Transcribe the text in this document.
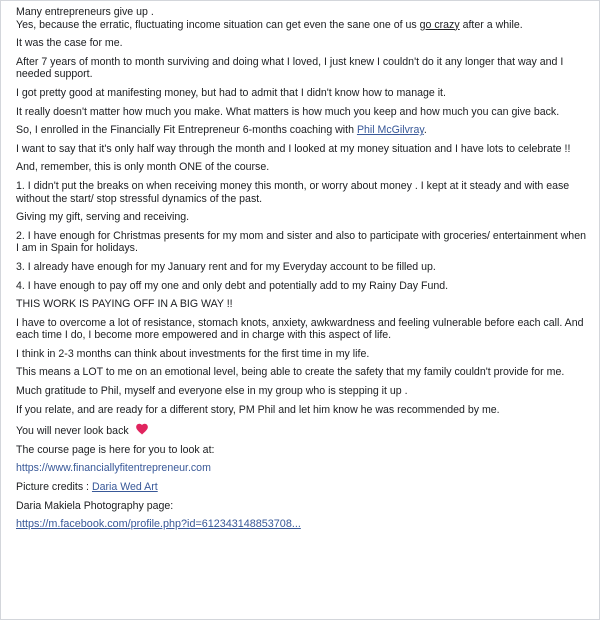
Many entrepreneurs give up .

Yes, because the erratic, fluctuating income situation can get even the sane one of us go crazy after a while.

It was the case for me.

After 7 years of month to month surviving and doing what I loved, I just knew I couldn't do it any longer that way and I needed support.

I got pretty good at manifesting money, but had to admit that I didn't know how to manage it.

It really doesn't matter how much you make. What matters is how much you keep and how much you can give back.

So, I enrolled in the Financially Fit Entrepreneur 6-months coaching with Phil McGilvray.

I want to say that it's only half way through the month and I looked at my money situation and I have lots to celebrate !!

And, remember, this is only month ONE of the course.

1. I didn't put the breaks on when receiving money this month, or worry about money . I kept at it steady and with ease without the start/ stop stressful dynamics of the past.

Giving my gift, serving and receiving.

2. I have enough for Christmas presents for my mom and sister and also to participate with groceries/ entertainment when I am in Spain for holidays.

3. I already have enough for my January rent and for my Everyday account to be filled up.

4. I have enough to pay off my one and only debt and potentially add to my Rainy Day Fund.

THIS WORK IS PAYING OFF IN A BIG WAY !!

I have to overcome a lot of resistance, stomach knots, anxiety, awkwardness and feeling vulnerable before each call. And each time I do, I become more empowered and in charge with this aspect of life.

I think in 2-3 months can think about investments for the first time in my life.

This means a LOT to me on an emotional level, being able to create the safety that my family couldn't provide for me.

Much gratitude to Phil, myself and everyone else in my group who is stepping it up .

If you relate, and are ready for a different story, PM Phil and let him know he was recommended by me.

You will never look back

The course page is here for you to look at:

https://www.financiallyfitentrepreneur.com

Picture credits : Daria Wed Art

Daria Makiela Photography page:

https://m.facebook.com/profile.php?id=612343148853708...
